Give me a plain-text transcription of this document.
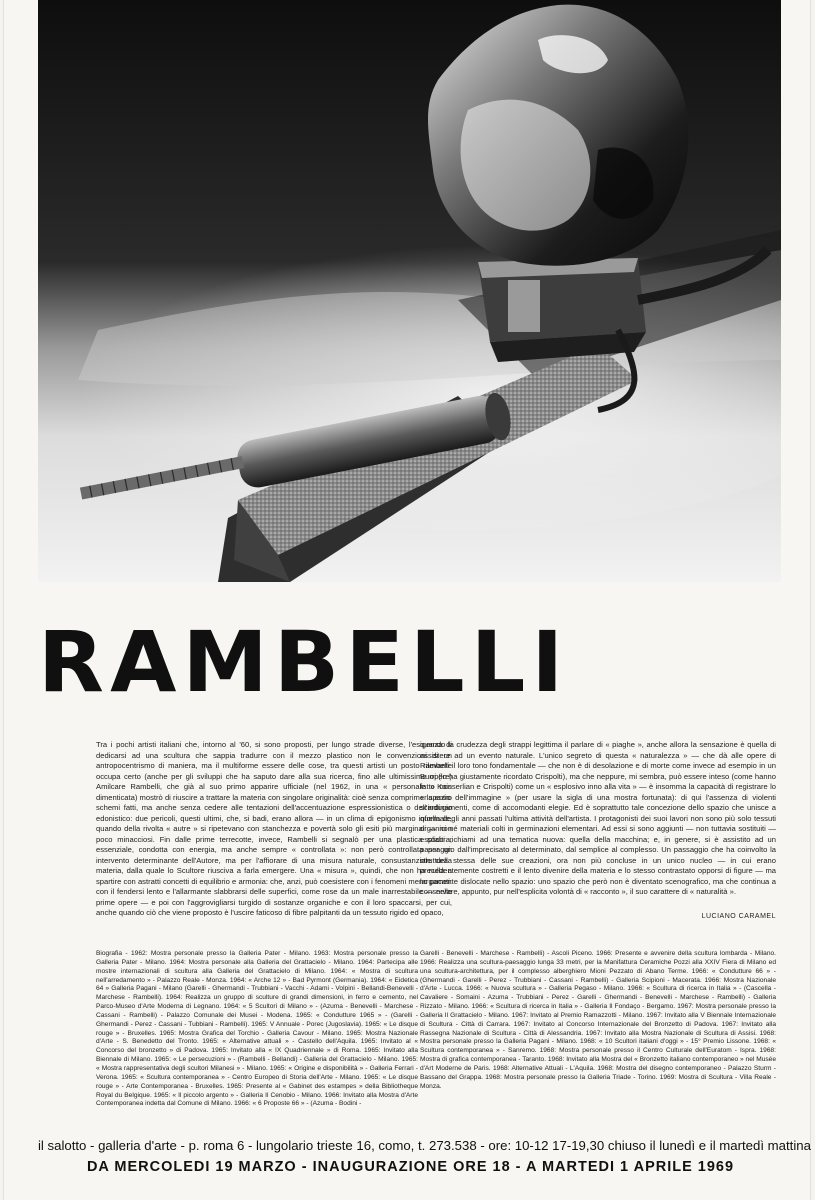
RAMBELLI

Tra i pochi artisti italiani che, intorno al '60, si sono proposti, per lungo strade diverse, l'esigenza di dedicarsi ad una scultura che sappia tradurre con il mezzo plastico non le convenzioni di un antropocentrismo di maniera, ma il multiforme essere delle cose, tra questi artisti un posto rilevante occupa certo (anche per gli sviluppi che ha saputo dare alla sua ricerca, fino alle ultimissime opere) Amilcare Rambelli, che già al suo primo apparire ufficiale (nel 1962, in una « personale » non dimenticata) mostrò di riuscire a trattare la materia con singolare originalità: cioè senza comprimerla entro schemi fatti, ma anche senza cedere alle tentazioni dell'accentuazione espressionistica o dell'indugio edonistico: due pericoli, questi ultimi, che, si badi, erano allora — in un clima di epigonismo informale, quando della rivolta « autre » si ripetevano con stanchezza e povertà solo gli esiti più marginali — non poco minacciosi. Fin dalle prime terrecotte, invece, Rambelli si segnalò per una plastica scabra, essenziale, condotta con energia, ma anche sempre « controllata »: non però controllata per un intervento determinante dell'Autore, ma per l'affiorare di una misura naturale, consustanziale della materia, dalla quale lo Scultore riusciva a farla emergere. Una « misura », quindi, che non ha nulla a spartire con astratti concetti di equilibrio e armonia: che, anzi, può coesistere con i fenomeni meno pacati: con il fendersi lento e l'allarmante slabbrarsi delle superfici, come rose da un male inarrestabile — nelle prime opere — e poi con l'aggrovigliarsi turgido di sostanze organiche e con il loro spaccarsi, per cui, anche quando ciò che viene proposto è l'uscire faticoso di fibre palpitanti da un tessuto rigido ed opaco,

quando la crudezza degli strappi legittima il parlare di « piaghe », anche allora la sensazione è quella di assistere ad un evento naturale. L'unico segreto di questa « naturalezza » — che dà alle opere di Rambelli il loro tono fondamentale — che non è di desolazione e di morte come invece ad esempio in un Burri (lo ha giustamente ricordato Crispolti), ma che neppure, mi sembra, può essere inteso (come hanno fatto Kaisserlian e Crispolti) come un « esplosivo inno alla vita » — è insomma la capacità di registrare lo « spazio dell'immagine » (per usare la sigla di una mostra fortunata): di qui l'assenza di violenti scardinamenti, come di accomodanti elegie. Ed è soprattutto tale concezione dello spazio che unisce a quella degli anni passati l'ultima attività dell'artista. I protagonisti dei suoi lavori non sono più solo tessuti organici né materiali colti in germinazioni elementari. Ad essi si sono aggiunti — non tuttavia sostituiti — espliciti richiami ad una tematica nuova: quella della macchina; e, in genere, si è assistito ad un passaggio dall'imprecisato al determinato, dal semplice al complesso. Un passaggio che ha coinvolto la struttura stessa delle sue creazioni, ora non più concluse in un unico nucleo — in cui erano precedentemente costretti e il lento divenire della materia e lo stesso contrastato opporsi di figure — ma largamente dislocate nello spazio: uno spazio che però non è diventato scenografico, ma che continua a conservare, appunto, pur nell'esplicita volontà di « racconto », il suo carattere di « naturalità ».

LUCIANO CARAMEL

Biografia - 1962: Mostra personale presso la Galleria Pater - Milano. 1963: Mostra personale presso la Galleria Pater - Milano. 1964: Mostra personale alla Galleria del Grattacielo - Milano. 1964: Partecipa alle mostre internazionali di scultura alla Galleria del Grattacielo di Milano. 1964: « Mostra di scultura nell'arredamento » - Palazzo Reale - Monza. 1964: « Arche 12 » - Bad Pyrmont (Germania). 1964: « Eidetica 64 » Galleria Pagani - Milano (Garelli - Ghermandi - Trubbiani - Vacchi - Adami - Volpini - Bellandi-Benevelli - Marchese - Rambelli). 1964: Realizza un gruppo di sculture di grandi dimensioni, in ferro e cemento, nel Parco-Museo d'Arte Moderna di Legnano. 1964: « 5 Scultori di Milano » - (Azuma - Benevelli - Marchese - Cassani - Rambelli) - Palazzo Comunale dei Musei - Modena. 1965: « Condutture 1965 » - (Garelli - Ghermandi - Perez - Cassani - Tubbiani - Rambelli). 1965: V Annuale - Porec (Jugoslavia). 1965: « Le disque rouge » - Bruxelles. 1965: Mostra Grafica del Torchio - Galleria Cavour - Milano. 1965: Mostra Nazionale d'Arte - S. Benedetto del Tronto. 1965: « Alternative attuali » - Castello dell'Aquila. 1965: Invitato al « Concorso del bronzetto » di Padova. 1965: Invitato alla « IX Quadriennale » di Roma. 1965: Invitato alla Biennale di Milano. 1965: « Le persecuzioni » - (Rambelli - Bellandi) - Galleria del Grattacielo - Milano. 1965: « Mostra rappresentativa degli scultori Milanesi » - Milano. 1965: « Origine e disponibilità » - Galleria Ferrari - Verona. 1965: « Scultura contemporanea » - Centro Europeo di Storia dell'Arte - Milano. 1965: « Le disque rouge » - Arte Contemporanea - Bruxelles. 1965: Presente al « Gabinet des estampes » della Bibliotheque Royal du Belgique. 1965: « Il piccolo argento » - Galleria Il Cenobio - Milano. 1966: Invitato alla Mostra d'Arte Contemporanea indetta dal Comune di Milano. 1966: « 6 Proposte 66 » - (Azuma - Bodini -

Garelli - Benevelli - Marchese - Rambelli) - Ascoli Piceno. 1966: Presente e avvenire della scultura lombarda - Milano. 1966: Realizza una scultura-paesaggio lunga 33 metri, per la Manifattura Ceramiche Pozzi alla XXIV Fiera di Milano ed una scultura-architettura, per il complesso alberghiero Mioni Pezzato di Abano Terme. 1966: « Condutture 66 » - (Ghermandi - Garelli - Perez - Trubbiani - Cassani - Rambelli) - Galleria Scipioni - Macerata. 1966: Mostra Nazionale d'Arte - Lucca. 1966: « Nuova scultura » - Galleria Pegaso - Milano. 1966: « Scultura di ricerca in Italia » - (Cascella - Cavaliere - Somaini - Azuma - Trubbiani - Perez - Garelli - Ghermandi - Benevelli - Marchese - Rambelli) - Galleria Rizzato - Milano. 1966: « Scultura di ricerca in Italia » - Galleria Il Fondaço - Bergamo. 1967: Mostra personale presso la Galleria Il Grattacielo - Milano. 1967: Invitato al Premio Ramazzotti - Milano. 1967: Invitato alla V Biennale Internazionale di Scultura - Città di Carrara. 1967: Invitato al Concorso Internazionale del Bronzetto di Padova. 1967: Invitato alla Rassegna Nazionale di Scultura - Città di Alessandria. 1967: Invitato alla Mostra Nazionale di Scultura di Assisi. 1968: Mostra personale presso la Galleria Pagani - Milano. 1968: « 10 Scultori italiani d'oggi » - 15° Premio Lissone. 1968: « Scultura contemporanea » - Sanremo. 1968: Mostra personale presso il Centro Culturale dell'Euratom - Ispra. 1968: Mostra di grafica contemporanea - Taranto. 1968: Invitato alla Mostra del « Bronzetto italiano contemporaneo » nel Musée d'Art Moderne de Paris. 1968: Alternative Attuali - L'Aquila. 1968: Mostra del disegno contemporaneo - Palazzo Sturm - Bassano del Grappa. 1968: Mostra personale presso la Galleria Triade - Torino. 1969: Mostra di Scultura - Villa Reale - Monza.

il salotto - galleria d'arte - p. roma 6 - lungolario trieste 16, como, t. 273.538 - ore: 10-12 17-19,30 chiuso il lunedì e il martedì mattina
DA MERCOLEDI 19 MARZO - INAUGURAZIONE ORE 18 - A MARTEDI 1 APRILE 1969
